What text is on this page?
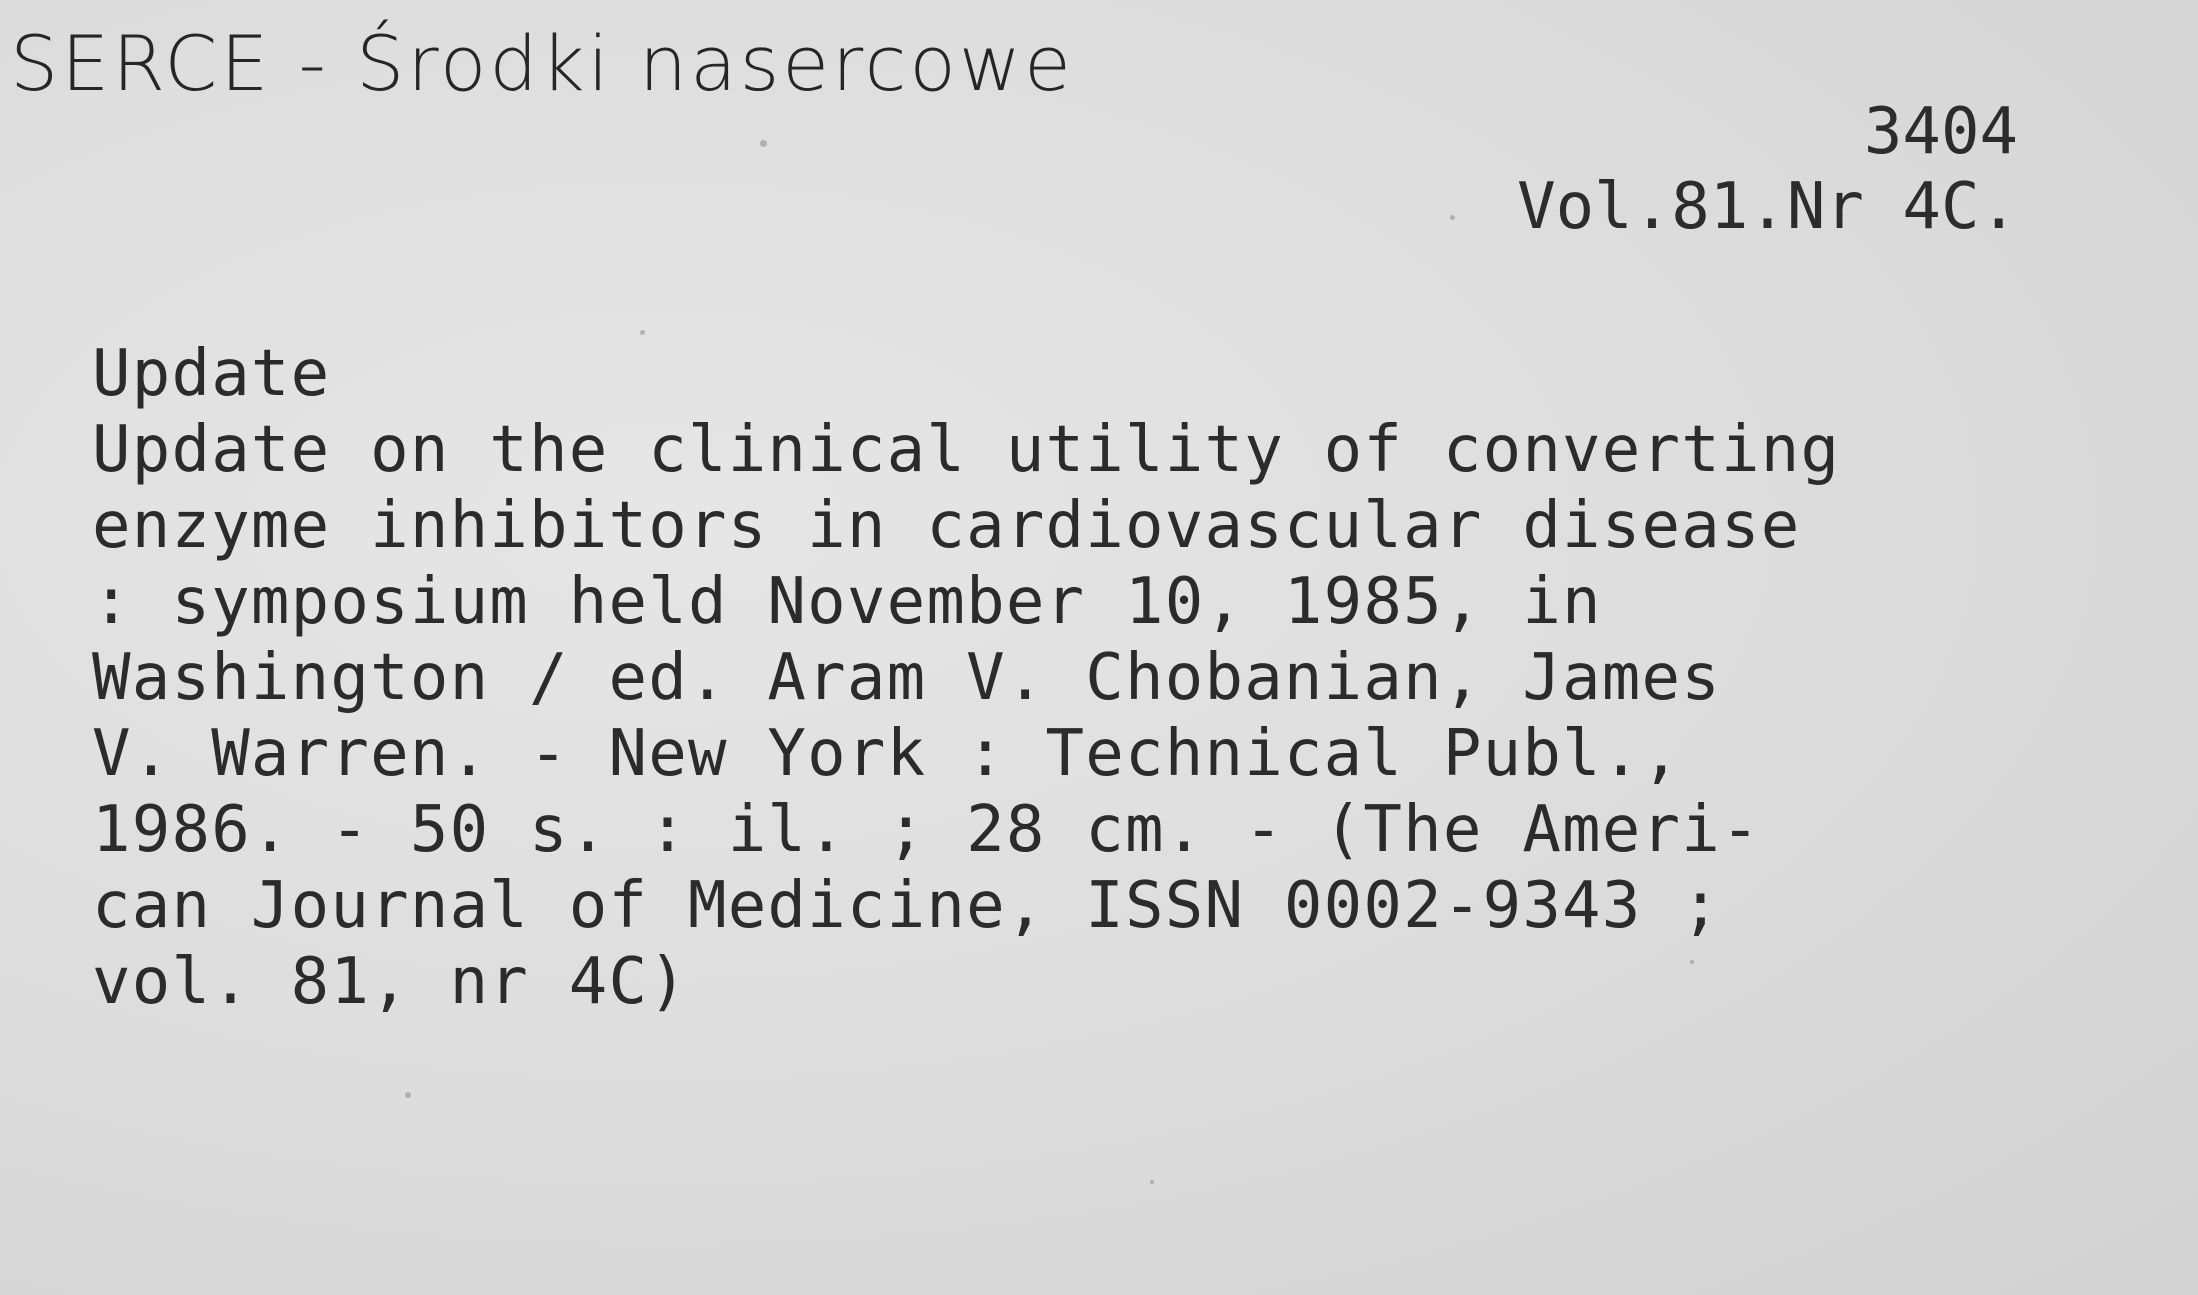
SERCE - Środki nasercowe
3404
Vol.81.Nr 4C.
Update
Update on the clinical utility of converting
enzyme inhibitors in cardiovascular disease
: symposium held November 10, 1985, in
Washington / ed. Aram V. Chobanian, James
V. Warren. - New York : Technical Publ.,
1986. - 50 s. : il. ; 28 cm. - (The Ameri-
can Journal of Medicine, ISSN 0002-9343 ;
vol. 81, nr 4C)
